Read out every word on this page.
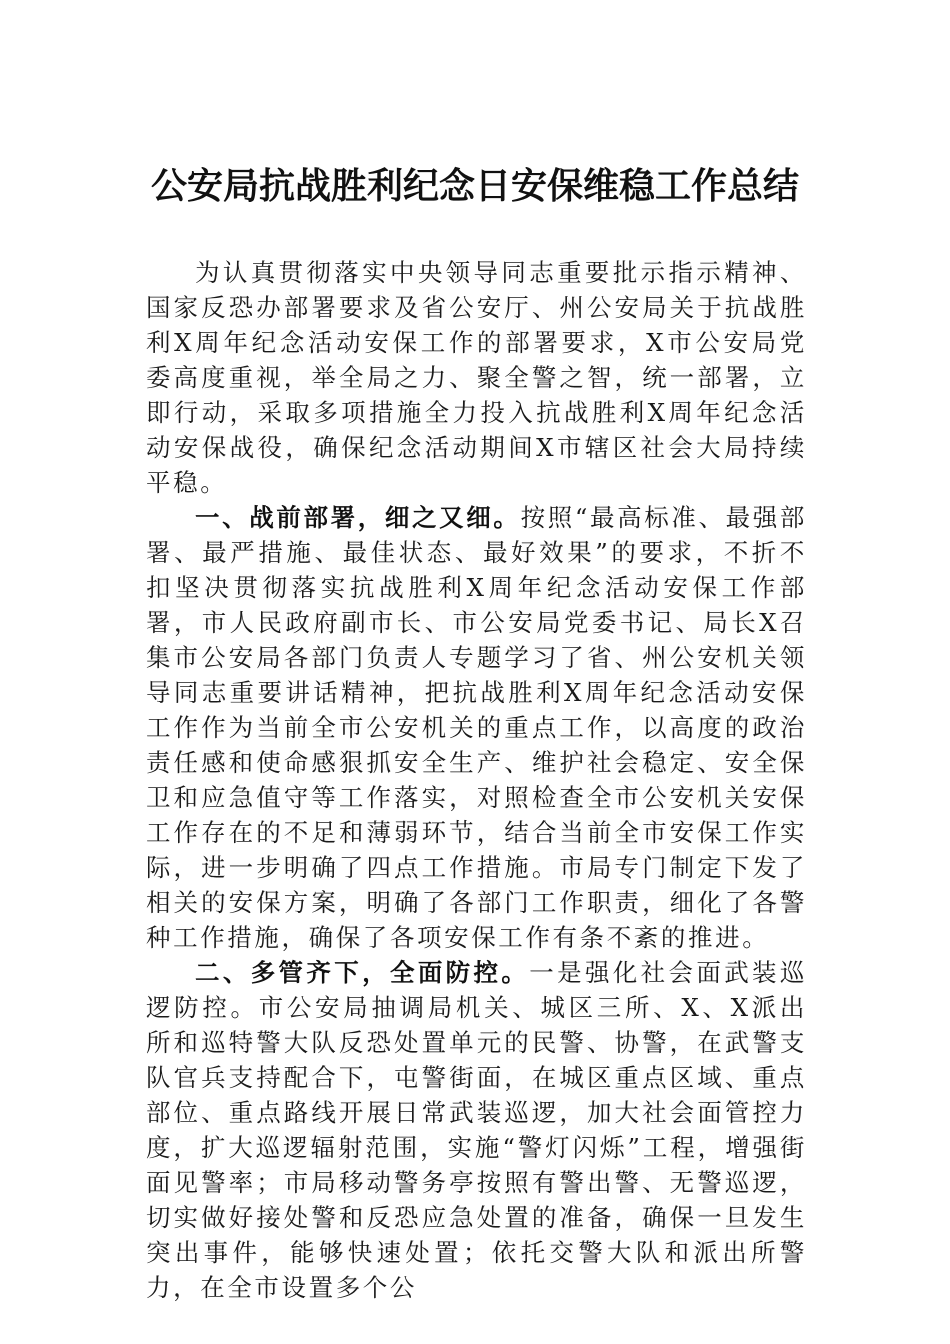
公安局抗战胜利纪念日安保维稳工作总结

为认真贯彻落实中央领导同志重要批示指示精神、国家反恐办部署要求及省公安厅、州公安局关于抗战胜利X周年纪念活动安保工作的部署要求，X市公安局党委高度重视，举全局之力、聚全警之智，统一部署，立即行动，采取多项措施全力投入抗战胜利X周年纪念活动安保战役，确保纪念活动期间X市辖区社会大局持续平稳。

一、战前部署，细之又细。按照“最高标准、最强部署、最严措施、最佳状态、最好效果”的要求，不折不扣坚决贯彻落实抗战胜利X周年纪念活动安保工作部署，市人民政府副市长、市公安局党委书记、局长X召集市公安局各部门负责人专题学习了省、州公安机关领导同志重要讲话精神，把抗战胜利X周年纪念活动安保工作作为当前全市公安机关的重点工作，以高度的政治责任感和使命感狠抓安全生产、维护社会稳定、安全保卫和应急值守等工作落实，对照检查全市公安机关安保工作存在的不足和薄弱环节，结合当前全市安保工作实际，进一步明确了四点工作措施。市局专门制定下发了相关的安保方案，明确了各部门工作职责，细化了各警种工作措施，确保了各项安保工作有条不紊的推进。

二、多管齐下，全面防控。一是强化社会面武装巡逻防控。市公安局抽调局机关、城区三所、X、X派出所和巡特警大队反恐处置单元的民警、协警，在武警支队官兵支持配合下，屯警街面，在城区重点区域、重点部位、重点路线开展日常武装巡逻，加大社会面管控力度，扩大巡逻辐射范围，实施“警灯闪烁”工程，增强街面见警率；市局移动警务亭按照有警出警、无警巡逻，切实做好接处警和反恐应急处置的准备，确保一旦发生突出事件，能够快速处置；依托交警大队和派出所警力，在全市设置多个公
